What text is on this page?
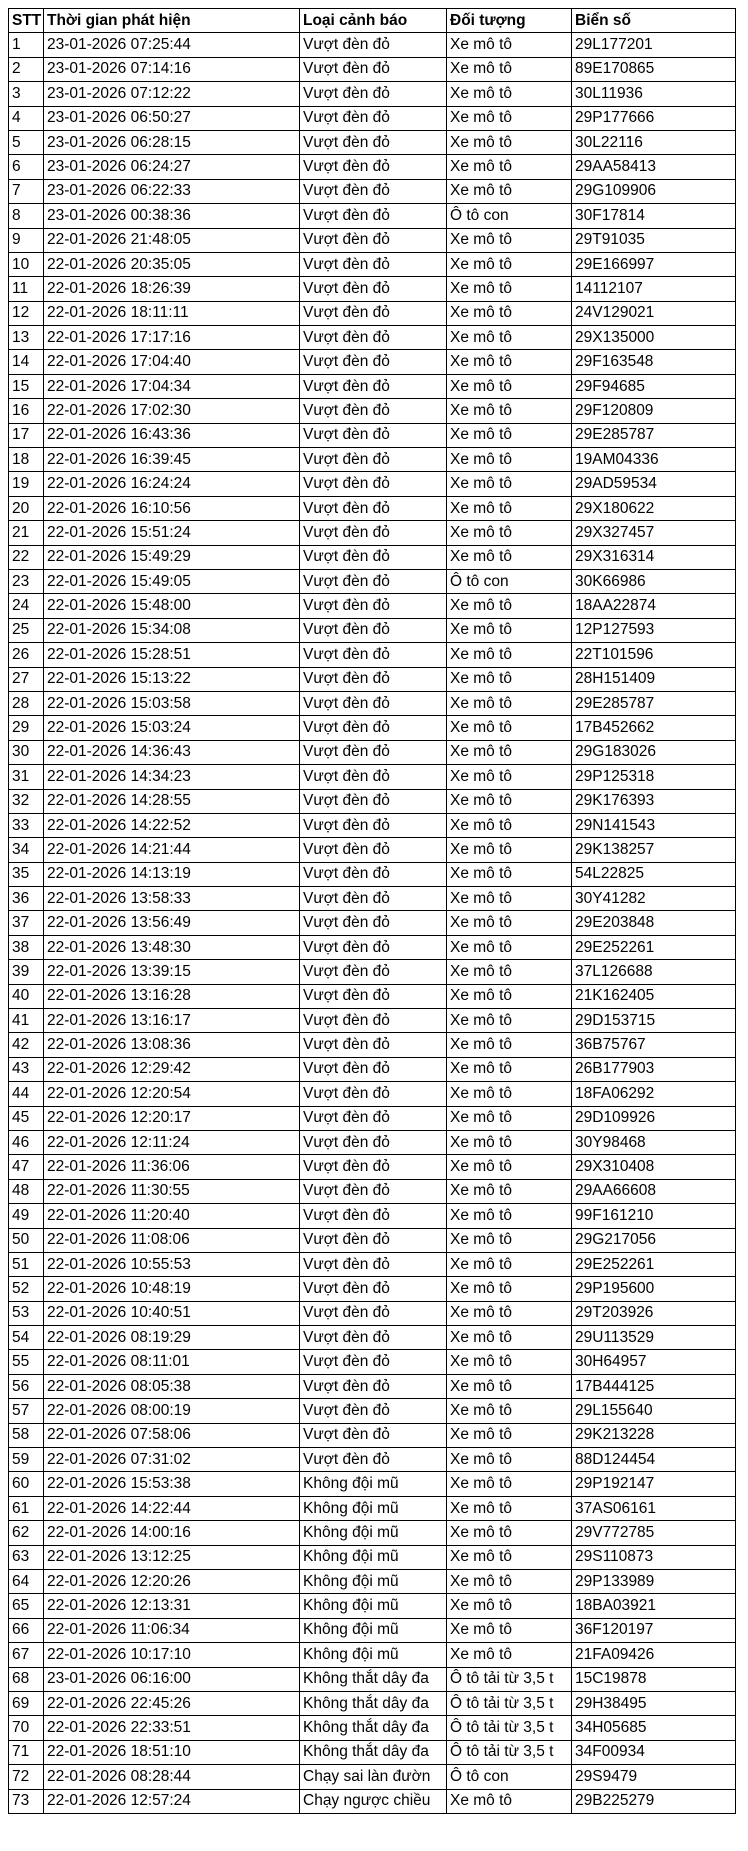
STT	Thời gian phát hiện	Loại cảnh báo	Đối tượng	Biển số
1	23-01-2026 07:25:44	Vượt đèn đỏ	Xe mô tô	29L177201
2	23-01-2026 07:14:16	Vượt đèn đỏ	Xe mô tô	89E170865
3	23-01-2026 07:12:22	Vượt đèn đỏ	Xe mô tô	30L11936
4	23-01-2026 06:50:27	Vượt đèn đỏ	Xe mô tô	29P177666
5	23-01-2026 06:28:15	Vượt đèn đỏ	Xe mô tô	30L22116
6	23-01-2026 06:24:27	Vượt đèn đỏ	Xe mô tô	29AA58413
7	23-01-2026 06:22:33	Vượt đèn đỏ	Xe mô tô	29G109906
8	23-01-2026 00:38:36	Vượt đèn đỏ	Ô tô con	30F17814
9	22-01-2026 21:48:05	Vượt đèn đỏ	Xe mô tô	29T91035
10	22-01-2026 20:35:05	Vượt đèn đỏ	Xe mô tô	29E166997
11	22-01-2026 18:26:39	Vượt đèn đỏ	Xe mô tô	14112107
12	22-01-2026 18:11:11	Vượt đèn đỏ	Xe mô tô	24V129021
13	22-01-2026 17:17:16	Vượt đèn đỏ	Xe mô tô	29X135000
14	22-01-2026 17:04:40	Vượt đèn đỏ	Xe mô tô	29F163548
15	22-01-2026 17:04:34	Vượt đèn đỏ	Xe mô tô	29F94685
16	22-01-2026 17:02:30	Vượt đèn đỏ	Xe mô tô	29F120809
17	22-01-2026 16:43:36	Vượt đèn đỏ	Xe mô tô	29E285787
18	22-01-2026 16:39:45	Vượt đèn đỏ	Xe mô tô	19AM04336
19	22-01-2026 16:24:24	Vượt đèn đỏ	Xe mô tô	29AD59534
20	22-01-2026 16:10:56	Vượt đèn đỏ	Xe mô tô	29X180622
21	22-01-2026 15:51:24	Vượt đèn đỏ	Xe mô tô	29X327457
22	22-01-2026 15:49:29	Vượt đèn đỏ	Xe mô tô	29X316314
23	22-01-2026 15:49:05	Vượt đèn đỏ	Ô tô con	30K66986
24	22-01-2026 15:48:00	Vượt đèn đỏ	Xe mô tô	18AA22874
25	22-01-2026 15:34:08	Vượt đèn đỏ	Xe mô tô	12P127593
26	22-01-2026 15:28:51	Vượt đèn đỏ	Xe mô tô	22T101596
27	22-01-2026 15:13:22	Vượt đèn đỏ	Xe mô tô	28H151409
28	22-01-2026 15:03:58	Vượt đèn đỏ	Xe mô tô	29E285787
29	22-01-2026 15:03:24	Vượt đèn đỏ	Xe mô tô	17B452662
30	22-01-2026 14:36:43	Vượt đèn đỏ	Xe mô tô	29G183026
31	22-01-2026 14:34:23	Vượt đèn đỏ	Xe mô tô	29P125318
32	22-01-2026 14:28:55	Vượt đèn đỏ	Xe mô tô	29K176393
33	22-01-2026 14:22:52	Vượt đèn đỏ	Xe mô tô	29N141543
34	22-01-2026 14:21:44	Vượt đèn đỏ	Xe mô tô	29K138257
35	22-01-2026 14:13:19	Vượt đèn đỏ	Xe mô tô	54L22825
36	22-01-2026 13:58:33	Vượt đèn đỏ	Xe mô tô	30Y41282
37	22-01-2026 13:56:49	Vượt đèn đỏ	Xe mô tô	29E203848
38	22-01-2026 13:48:30	Vượt đèn đỏ	Xe mô tô	29E252261
39	22-01-2026 13:39:15	Vượt đèn đỏ	Xe mô tô	37L126688
40	22-01-2026 13:16:28	Vượt đèn đỏ	Xe mô tô	21K162405
41	22-01-2026 13:16:17	Vượt đèn đỏ	Xe mô tô	29D153715
42	22-01-2026 13:08:36	Vượt đèn đỏ	Xe mô tô	36B75767
43	22-01-2026 12:29:42	Vượt đèn đỏ	Xe mô tô	26B177903
44	22-01-2026 12:20:54	Vượt đèn đỏ	Xe mô tô	18FA06292
45	22-01-2026 12:20:17	Vượt đèn đỏ	Xe mô tô	29D109926
46	22-01-2026 12:11:24	Vượt đèn đỏ	Xe mô tô	30Y98468
47	22-01-2026 11:36:06	Vượt đèn đỏ	Xe mô tô	29X310408
48	22-01-2026 11:30:55	Vượt đèn đỏ	Xe mô tô	29AA66608
49	22-01-2026 11:20:40	Vượt đèn đỏ	Xe mô tô	99F161210
50	22-01-2026 11:08:06	Vượt đèn đỏ	Xe mô tô	29G217056
51	22-01-2026 10:55:53	Vượt đèn đỏ	Xe mô tô	29E252261
52	22-01-2026 10:48:19	Vượt đèn đỏ	Xe mô tô	29P195600
53	22-01-2026 10:40:51	Vượt đèn đỏ	Xe mô tô	29T203926
54	22-01-2026 08:19:29	Vượt đèn đỏ	Xe mô tô	29U113529
55	22-01-2026 08:11:01	Vượt đèn đỏ	Xe mô tô	30H64957
56	22-01-2026 08:05:38	Vượt đèn đỏ	Xe mô tô	17B444125
57	22-01-2026 08:00:19	Vượt đèn đỏ	Xe mô tô	29L155640
58	22-01-2026 07:58:06	Vượt đèn đỏ	Xe mô tô	29K213228
59	22-01-2026 07:31:02	Vượt đèn đỏ	Xe mô tô	88D124454
60	22-01-2026 15:53:38	Không đội mũ	Xe mô tô	29P192147
61	22-01-2026 14:22:44	Không đội mũ	Xe mô tô	37AS06161
62	22-01-2026 14:00:16	Không đội mũ	Xe mô tô	29V772785
63	22-01-2026 13:12:25	Không đội mũ	Xe mô tô	29S110873
64	22-01-2026 12:20:26	Không đội mũ	Xe mô tô	29P133989
65	22-01-2026 12:13:31	Không đội mũ	Xe mô tô	18BA03921
66	22-01-2026 11:06:34	Không đội mũ	Xe mô tô	36F120197
67	22-01-2026 10:17:10	Không đội mũ	Xe mô tô	21FA09426
68	23-01-2026 06:16:00	Không thắt dây đa	Ô tô tải từ 3,5 t	15C19878
69	22-01-2026 22:45:26	Không thắt dây đa	Ô tô tải từ 3,5 t	29H38495
70	22-01-2026 22:33:51	Không thắt dây đa	Ô tô tải từ 3,5 t	34H05685
71	22-01-2026 18:51:10	Không thắt dây đa	Ô tô tải từ 3,5 t	34F00934
72	22-01-2026 08:28:44	Chạy sai làn đườn	Ô tô con	29S9479
73	22-01-2026 12:57:24	Chạy ngược chiều	Xe mô tô	29B225279
